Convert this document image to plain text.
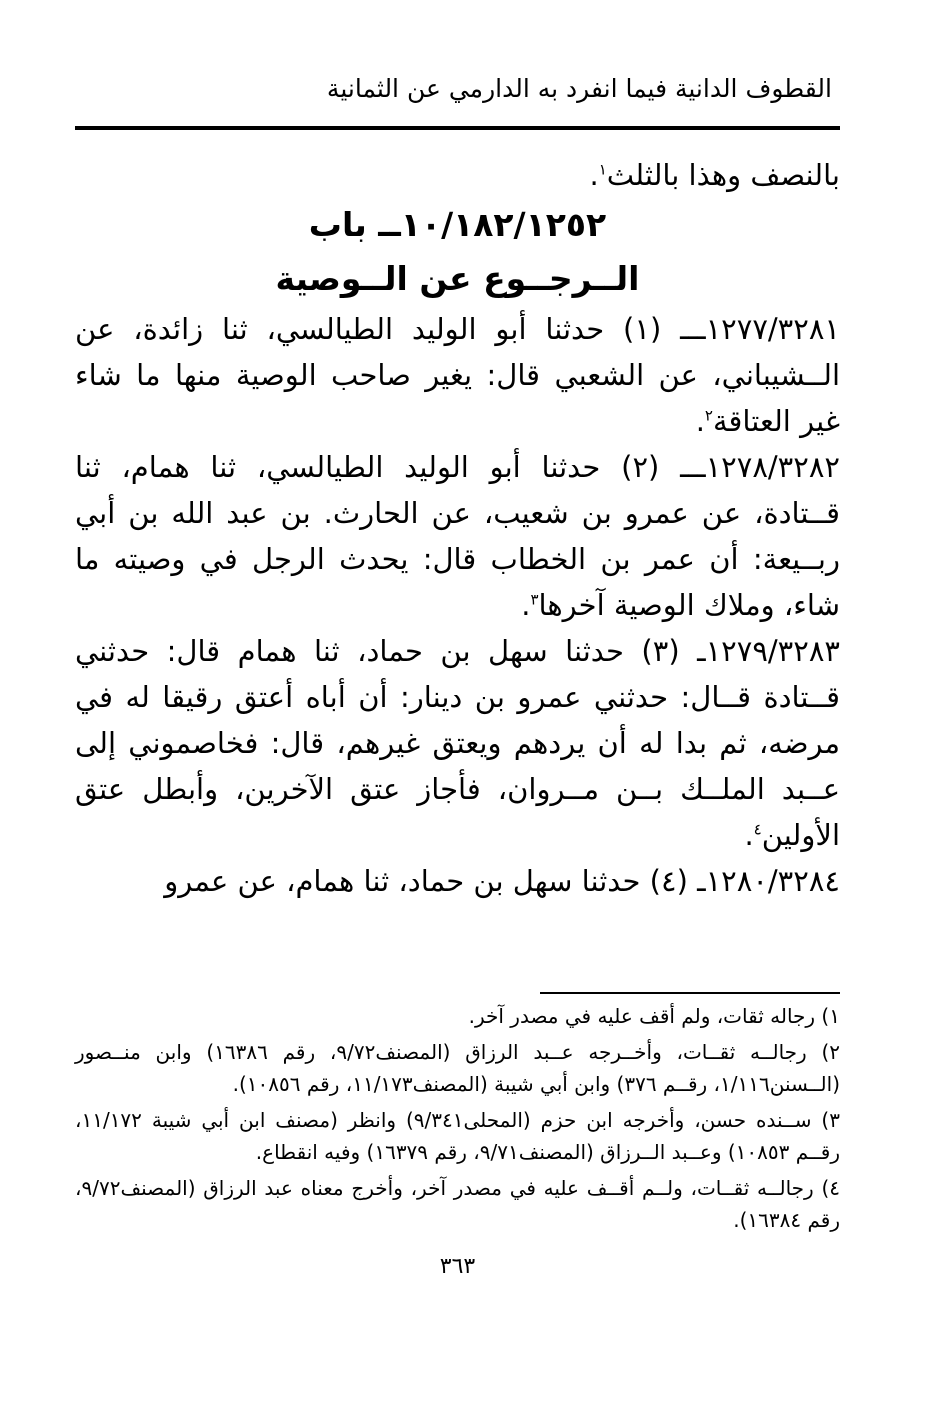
القطوف الدانية فيما انفرد به الدارمي عن الثمانية

بالنصف وهذا بالثلث$^١$.

١٠/١٨٢/١٢٥٢ــ باب
الــرجــوع عن الــوصية

١٢٧٧/٣٢٨١ـــ (١) حدثنا أبو الوليد الطيالسي، ثنا زائدة، عن الــشيباني، عن الشعبي قال: يغير صاحب الوصية منها ما شاء غير العتاقة$^٢$.

١٢٧٨/٣٢٨٢ـــ (٢) حدثنا أبو الوليد الطيالسي، ثنا همام، ثنا قــتادة، عن عمرو بن شعيب، عن الحارث. بن عبد الله بن أبي ربــيعة: أن عمر بن الخطاب قال: يحدث الرجل في وصيته ما شاء، وملاك الوصية آخرها$^٣$.

١٢٧٩/٣٢٨٣ـ (٣) حدثنا سهل بن حماد، ثنا همام قال: حدثني قــتادة قــال: حدثني عمرو بن دينار: أن أباه أعتق رقيقا له في مرضه، ثم بدا له أن يردهم ويعتق غيرهم، قال: فخاصموني إلى عــبد الملــك بــن مــروان، فأجاز عتق الآخرين، وأبطل عتق الأولين$^٤$.

١٢٨٠/٣٢٨٤ـ (٤) حدثنا سهل بن حماد، ثنا همام، عن عمرو

١) رجاله ثقات، ولم أقف عليه في مصدر آخر.

٢) رجالــه ثقــات، وأخــرجه عــبد الرزاق (المصنف٩/٧٢، رقم ١٦٣٨٦) وابن منــصور (الــسنن١/١١٦، رقــم ٣٧٦) وابن أبي شيبة (المصنف١١/١٧٣، رقم ١٠٨٥٦).

٣) ســنده حسن، وأخرجه ابن حزم (المحلى٩/٣٤١) وانظر (مصنف ابن أبي شيبة ١١/١٧٢، رقــم ١٠٨٥٣) وعــبد الــرزاق (المصنف٩/٧١، رقم ١٦٣٧٩) وفيه انقطاع.

٤) رجالــه ثقــات، ولــم أقــف عليه في مصدر آخر، وأخرج معناه عبد الرزاق (المصنف٩/٧٢، رقم ١٦٣٨٤).

٣٦٣
